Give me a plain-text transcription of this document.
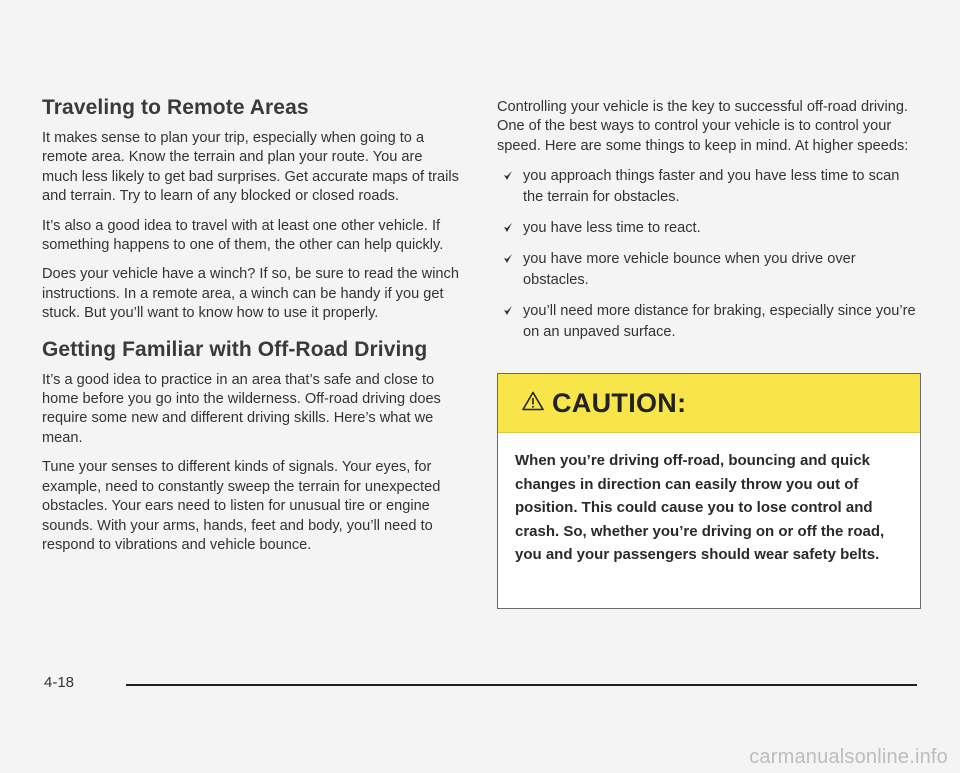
Traveling to Remote Areas

It makes sense to plan your trip, especially when going to a remote area. Know the terrain and plan your route. You are much less likely to get bad surprises. Get accurate maps of trails and terrain. Try to learn of any blocked or closed roads.

It’s also a good idea to travel with at least one other vehicle. If something happens to one of them, the other can help quickly.

Does your vehicle have a winch? If so, be sure to read the winch instructions. In a remote area, a winch can be handy if you get stuck. But you’ll want to know how to use it properly.

Getting Familiar with Off-Road Driving

It’s a good idea to practice in an area that’s safe and close to home before you go into the wilderness. Off-road driving does require some new and different driving skills. Here’s what we mean.

Tune your senses to different kinds of signals. Your eyes, for example, need to constantly sweep the terrain for unexpected obstacles. Your ears need to listen for unusual tire or engine sounds. With your arms, hands, feet and body, you’ll need to respond to vibrations and vehicle bounce.

Controlling your vehicle is the key to successful off-road driving. One of the best ways to control your vehicle is to control your speed. Here are some things to keep in mind. At higher speeds:

you approach things faster and you have less time to scan the terrain for obstacles.
you have less time to react.
you have more vehicle bounce when you drive over obstacles.
you’ll need more distance for braking, especially since you’re on an unpaved surface.
CAUTION:
When you’re driving off-road, bouncing and quick changes in direction can easily throw you out of position. This could cause you to lose control and crash. So, whether you’re driving on or off the road, you and your passengers should wear safety belts.
4-18
carmanualsonline.info
